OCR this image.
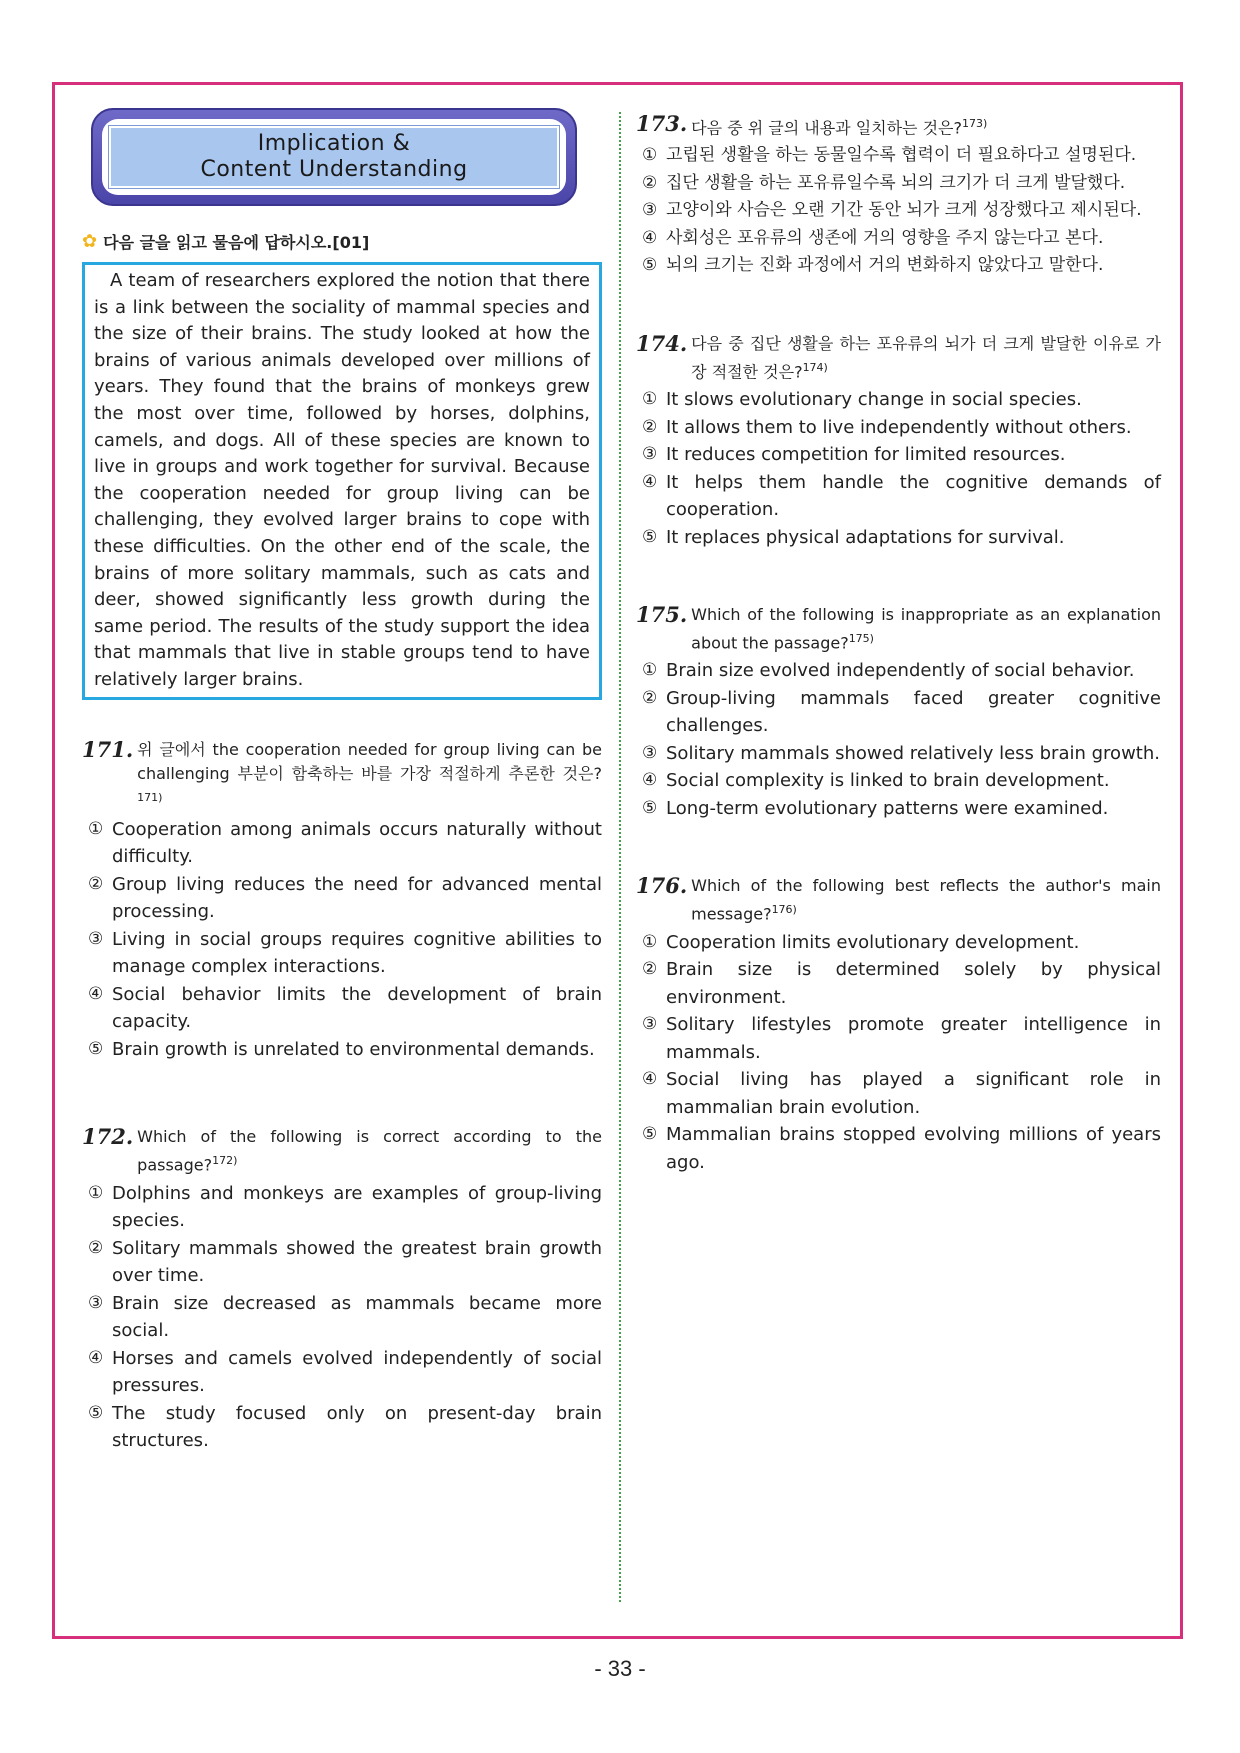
Implication &
Content Understanding
✿ 다음 글을 읽고 물음에 답하시오.[01]

A team of researchers explored the notion that there is a link between the sociality of mammal species and the size of their brains. The study looked at how the brains of various animals developed over millions of years. They found that the brains of monkeys grew the most over time, followed by horses, dolphins, camels, and dogs. All of these species are known to live in groups and work together for survival. Because the cooperation needed for group living can be challenging, they evolved larger brains to cope with these difficulties. On the other end of the scale, the brains of more solitary mammals, such as cats and deer, showed significantly less growth during the same period. The results of the study support the idea that mammals that live in stable groups tend to have relatively larger brains.

171. 위 글에서 the cooperation needed for group living can be challenging 부분이 함축하는 바를 가장 적절하게 추론한 것은?$^{171)}$
① Cooperation among animals occurs naturally without difficulty.
② Group living reduces the need for advanced mental processing.
③ Living in social groups requires cognitive abilities to manage complex interactions.
④ Social behavior limits the development of brain capacity.
⑤ Brain growth is unrelated to environmental demands.
172. Which of the following is correct according to the passage?$^{172)}$
① Dolphins and monkeys are examples of group-living species.
② Solitary mammals showed the greatest brain growth over time.
③ Brain size decreased as mammals became more social.
④ Horses and camels evolved independently of social pressures.
⑤ The study focused only on present-day brain structures.
173. 다음 중 위 글의 내용과 일치하는 것은?$^{173)}$
① 고립된 생활을 하는 동물일수록 협력이 더 필요하다고 설명된다.
② 집단 생활을 하는 포유류일수록 뇌의 크기가 더 크게 발달했다.
③ 고양이와 사슴은 오랜 기간 동안 뇌가 크게 성장했다고 제시된다.
④ 사회성은 포유류의 생존에 거의 영향을 주지 않는다고 본다.
⑤ 뇌의 크기는 진화 과정에서 거의 변화하지 않았다고 말한다.
174. 다음 중 집단 생활을 하는 포유류의 뇌가 더 크게 발달한 이유로 가장 적절한 것은?$^{174)}$
① It slows evolutionary change in social species.
② It allows them to live independently without others.
③ It reduces competition for limited resources.
④ It helps them handle the cognitive demands of cooperation.
⑤ It replaces physical adaptations for survival.
175. Which of the following is inappropriate as an explanation about the passage?$^{175)}$
① Brain size evolved independently of social behavior.
② Group-living mammals faced greater cognitive challenges.
③ Solitary mammals showed relatively less brain growth.
④ Social complexity is linked to brain development.
⑤ Long-term evolutionary patterns were examined.
176. Which of the following best reflects the author's main message?$^{176)}$
① Cooperation limits evolutionary development.
② Brain size is determined solely by physical environment.
③ Solitary lifestyles promote greater intelligence in mammals.
④ Social living has played a significant role in mammalian brain evolution.
⑤ Mammalian brains stopped evolving millions of years ago.
- 33 -
